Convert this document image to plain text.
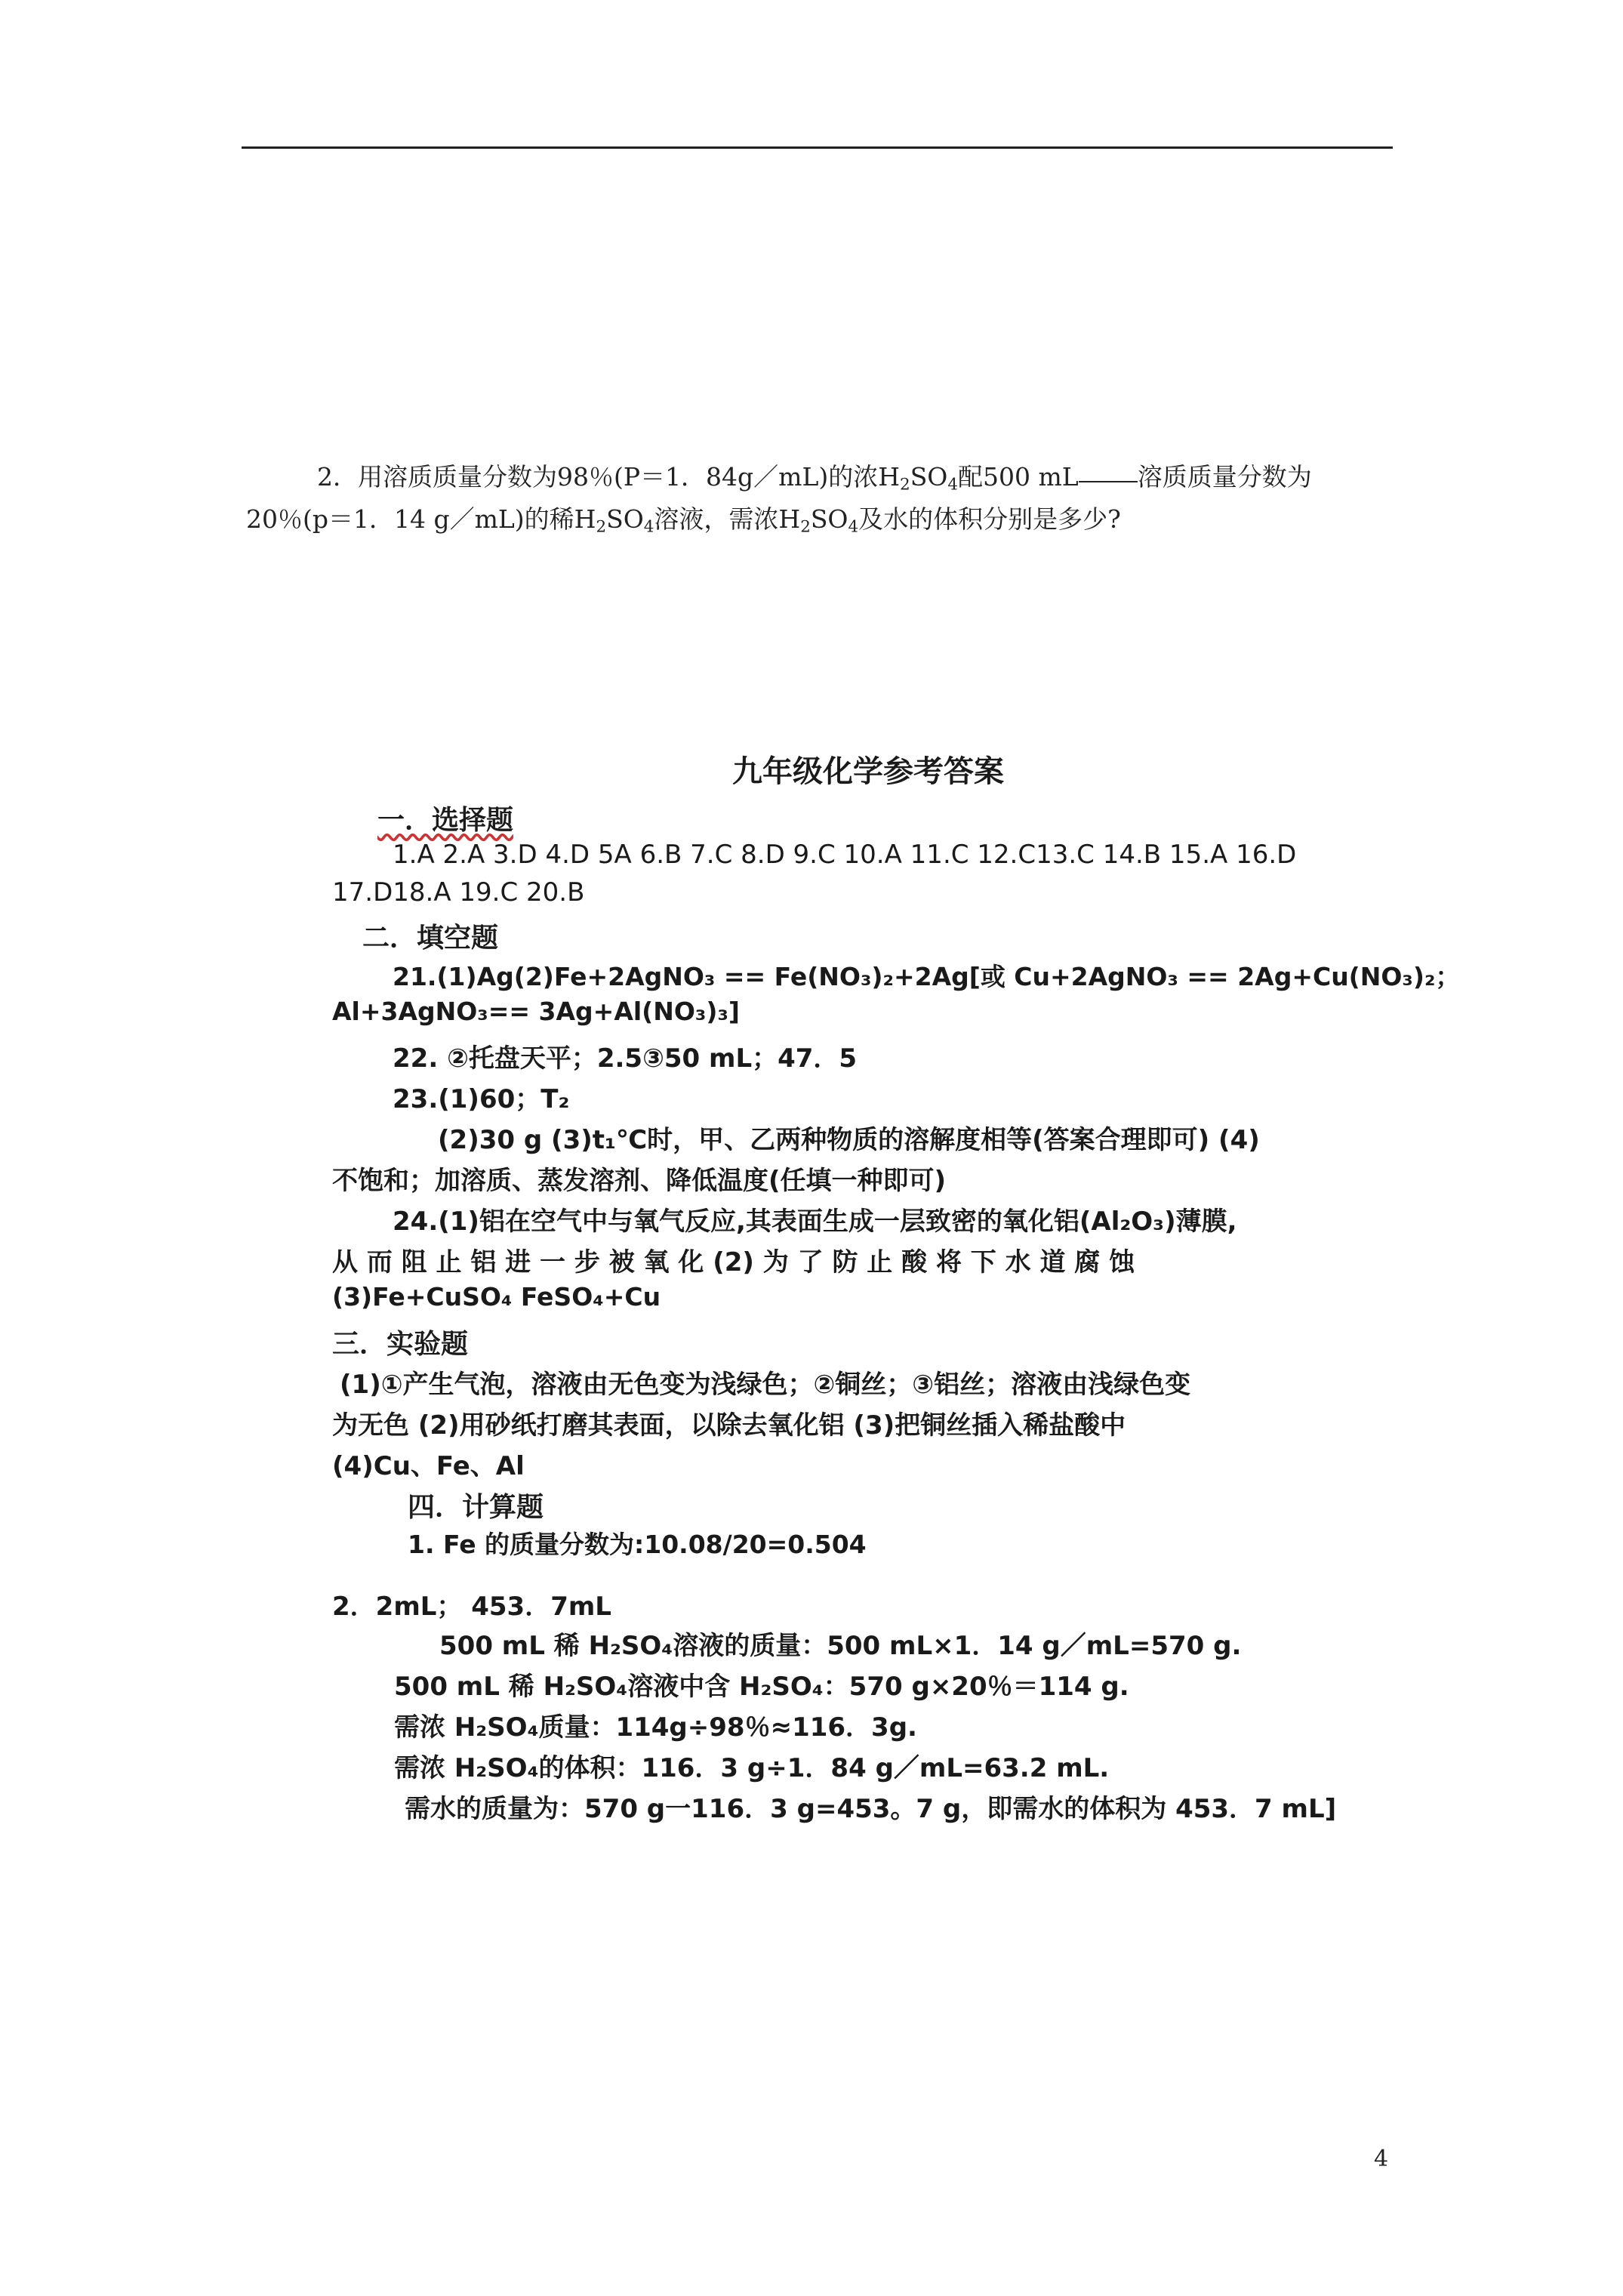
2．用溶质质量分数为98％(P＝1．84g／mL)的浓$H_2SO_4$配500 mL 溶质质量分数为
20％(p＝1．14 g／mL)的稀$H_2SO_4$溶液，需浓$H_2SO_4$及水的体积分别是多少?
九年级化学参考答案
一．选择题
1.A 2.A 3.D 4.D 5A 6.B 7.C 8.D 9.C 10.A 11.C 12.C13.C 14.B 15.A 16.D
17.D18.A 19.C 20.B
二．填空题
21.(1)Ag(2)Fe+2AgNO₃ == Fe(NO₃)₂+2Ag[或 Cu+2AgNO₃ == 2Ag+Cu(NO₃)₂；
Al+3AgNO₃== 3Ag+Al(NO₃)₃]
22. ②托盘天平；2.5③50 mL；47．5
23.(1)60；T₂
(2)30 g (3)t₁℃时，甲、乙两种物质的溶解度相等(答案合理即可) (4)
不饱和；加溶质、蒸发溶剂、降低温度(任填一种即可)
24.(1)铝在空气中与氧气反应,其表面生成一层致密的氧化铝(Al₂O₃)薄膜,
从 而 阻 止 铝 进 一 步 被 氧 化 (2) 为 了 防 止 酸 将 下 水 道 腐 蚀
(3)Fe+CuSO₄ FeSO₄+Cu
三．实验题
(1)①产生气泡，溶液由无色变为浅绿色；②铜丝；③铝丝；溶液由浅绿色变
为无色 (2)用砂纸打磨其表面，以除去氧化铝 (3)把铜丝插入稀盐酸中
(4)Cu、Fe、Al
四．计算题
1. Fe 的质量分数为:10.08/20=0.504
2．2mL； 453．7mL
500 mL 稀 H₂SO₄溶液的质量：500 mL×1．14 g／mL=570 g.
500 mL 稀 H₂SO₄溶液中含 H₂SO₄：570 g×20％＝114 g.
需浓 H₂SO₄质量：114g÷98％≈116．3g.
需浓 H₂SO₄的体积：116．3 g÷1．84 g／mL=63.2 mL.
需水的质量为：570 g一116．3 g=453。7 g，即需水的体积为 453．7 mL]
4
